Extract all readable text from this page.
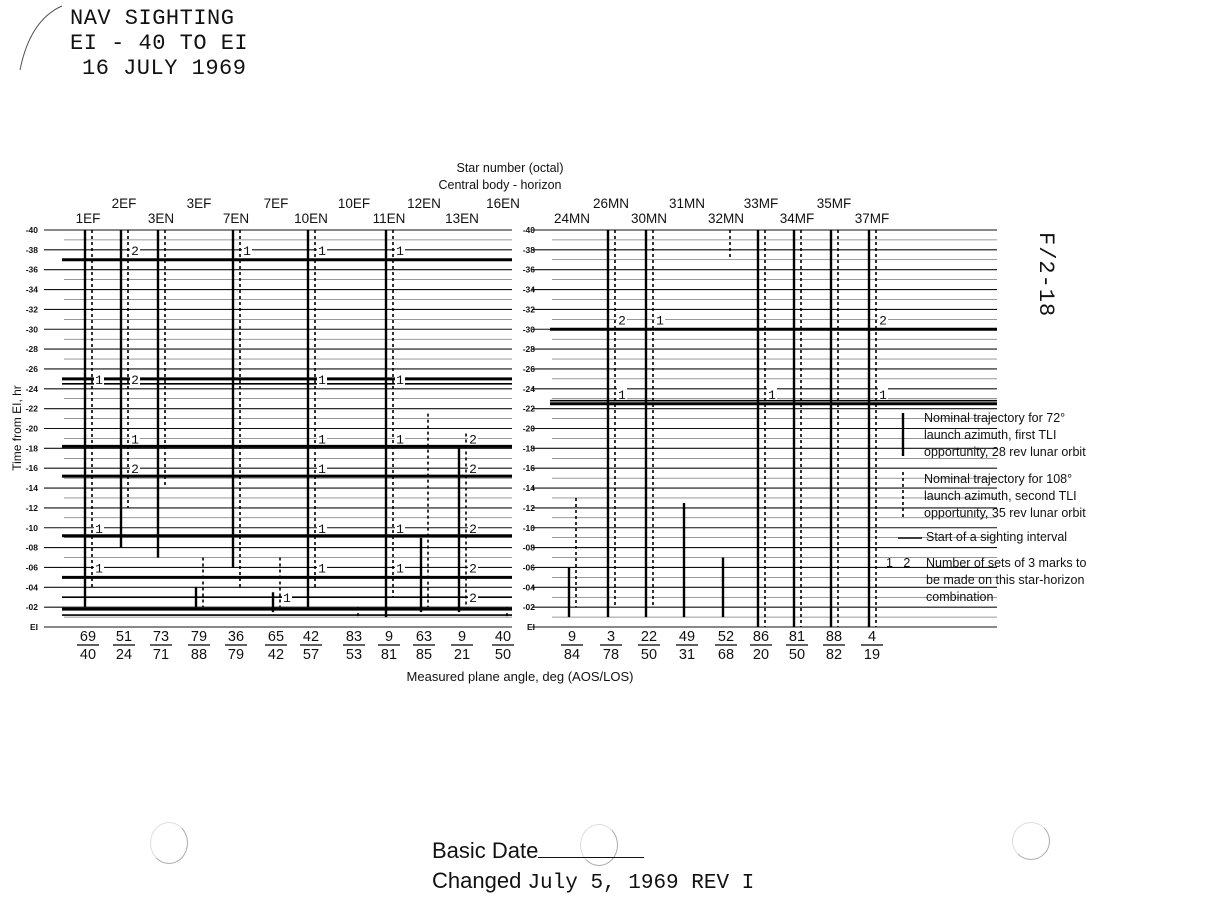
NAV SIGHTING
EI - 40 TO EI
16 JULY 1969
F/2-18
Star number (octal)
Central body - horizon
Measured plane angle, deg (AOS/LOS)
Time from EI, hr
-40
-38
-36
-34
-32
-30
-28
-26
-24
-22
-20
-18
-16
-14
-12
-10
-08
-06
-04
-02
EI
1EF
69
40
2EF
51
24
3EN
73
71
3EF
79
88
7EN
36
79
7EF
65
42
10EN
42
57
10EF
83
53
11EN
9
81
12EN
63
85
13EN
9
21
16EN
40
50
1 2	1	1
2	1	1	1
1	1	1	2
2	1	2
1	1	1	2
1	1	1	2
1	2
-40
-38
-36
-34
-32
-30
-28
-26
-24
-22
-20
-18
-16
-14
-12
-10
-08
-06
-04
-02
EI
24MN
9
84
26MN
3
78
30MN
22
50
31MN
49
31
32MN
52
68
33MF
86
20
34MF
81
50
35MF
88
82
37MF
4
19
2 1	2
1	1	1
Nominal trajectory for 72°
launch azimuth, first TLI
opportunity, 28 rev lunar orbit
Nominal trajectory for 108°
launch azimuth, second TLI
opportunity, 35 rev lunar orbit
Start of a sighting interval
1   2 Number of sets of 3 marks to
be made on this star-horizon
combination
Basic Date
Changed July 5, 1969 REV I
